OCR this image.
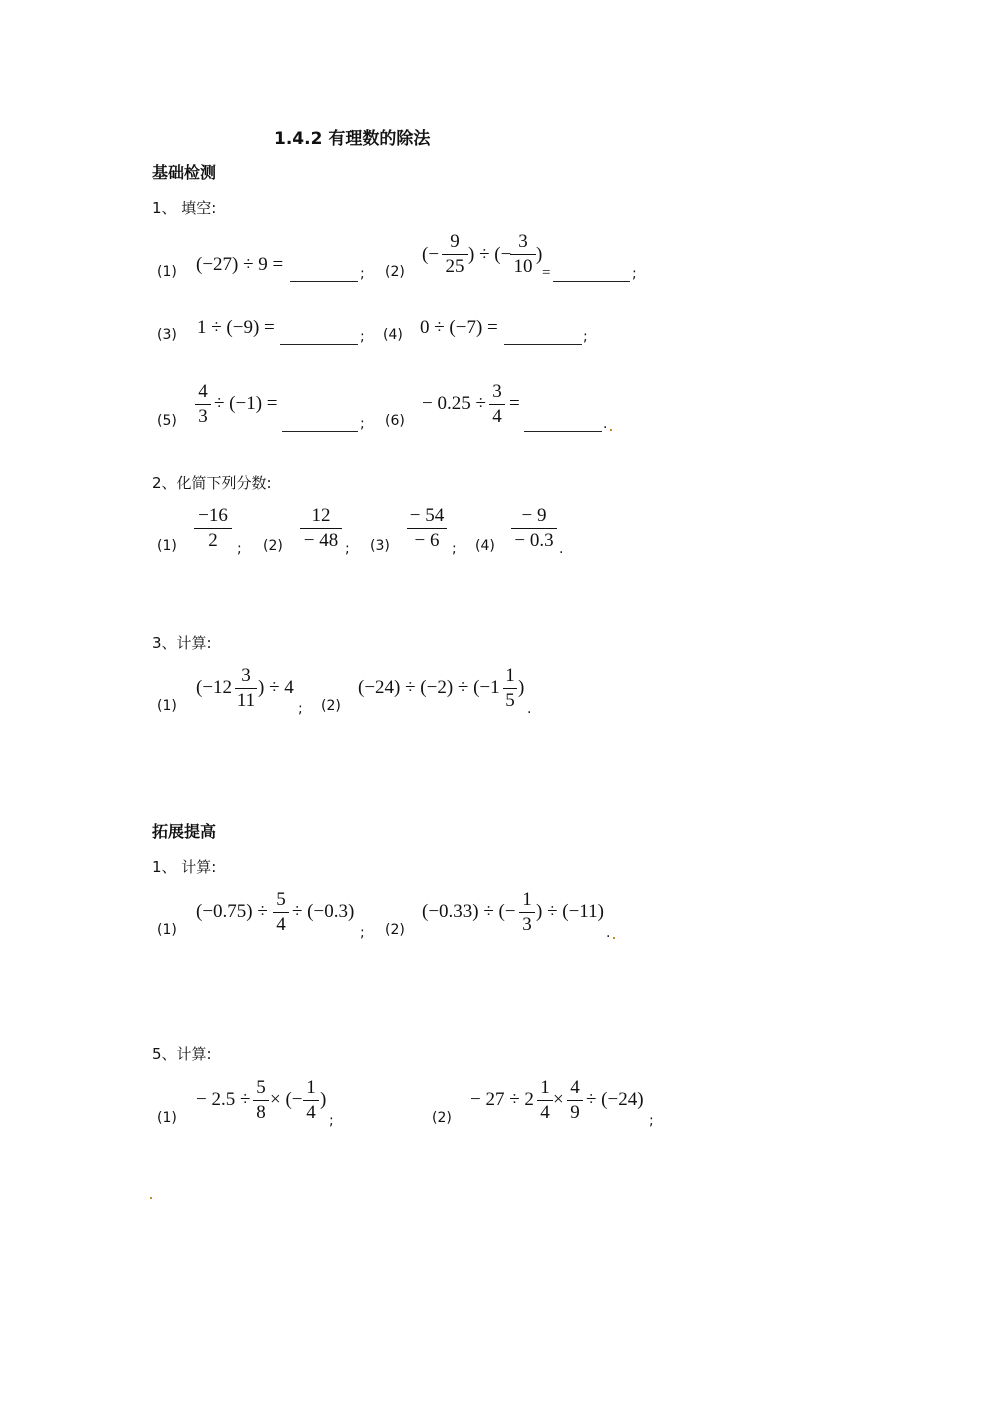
1.4.2 有理数的除法
基础检测
1、 填空:
(1) (−27) ÷ 9 =	; (2)
(−
9
25
) ÷ (−
3
10
)
=	;
(3) 1 ÷ (−9) =	; (4) 0 ÷ (−7) =	;
(5)
4
3
÷ (−1) =
; (6)
− 0.25 ÷
3
4
=
.
2、化简下列分数:
(1)
−16
2	; (2)
12
− 48 ; (3)
− 54
− 6 ; (4)
− 9
− 0.3 .
3、计算:
(1)
(−12
3
11
) ÷ 4
; (2)
(−24) ÷ (−2) ÷ (−1
1
5
)
.
拓展提高
1、 计算:
(1)
(−0.75) ÷
5
4
÷ (−0.3)
; (2)
(−0.33) ÷ (−
1
3
) ÷ (−11)
.
5、计算:
(1)
− 2.5 ÷
5
8
× (−
1
4
)
;	(2)
− 27 ÷ 2
1
4
×
4
9
÷ (−24)
;
